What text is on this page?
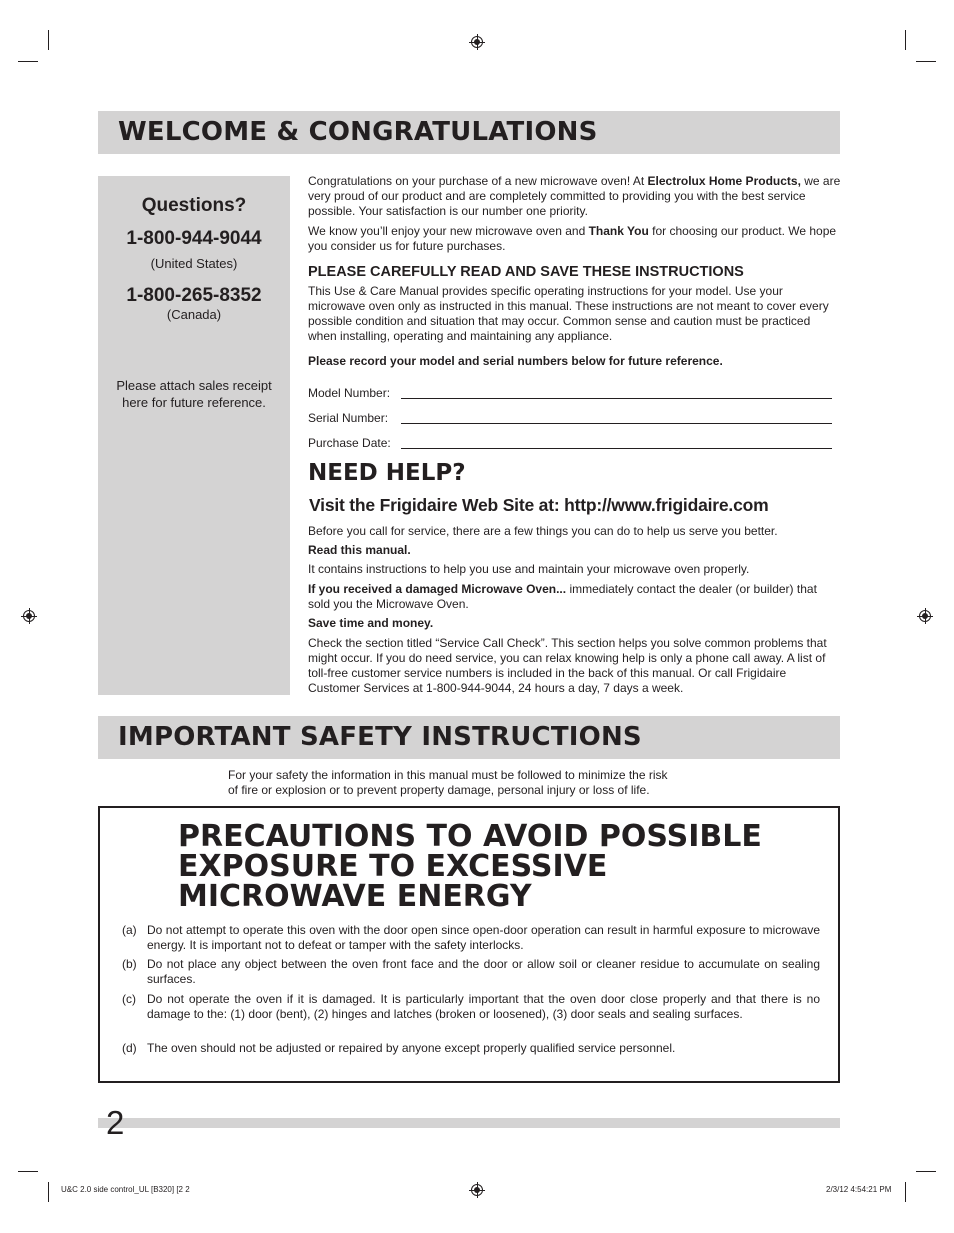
WELCOME & CONGRATULATIONS
Questions?
1-800-944-9044
(United States)
1-800-265-8352
(Canada)
Please attach sales receipt
here for future reference.
Congratulations on your purchase of a new microwave oven! At Electrolux Home Products, we are very proud of our product and are completely committed to providing you with the best service possible. Your satisfaction is our number one priority.
We know you’ll enjoy your new microwave oven and Thank You for choosing our product. We hope you consider us for future purchases.
PLEASE CAREFULLY READ AND SAVE THESE INSTRUCTIONS
This Use & Care Manual provides specific operating instructions for your model. Use your microwave oven only as instructed in this manual. These instructions are not meant to cover every possible condition and situation that may occur. Common sense and caution must be practiced when installing, operating and maintaining any appliance.
Please record your model and serial numbers below for future reference.
Model Number:
Serial Number:
Purchase Date:
NEED HELP?
Visit the Frigidaire Web Site at: http://www.frigidaire.com
Before you call for service, there are a few things you can do to help us serve you better.
Read this manual.
It contains instructions to help you use and maintain your microwave oven properly.
If you received a damaged Microwave Oven... immediately contact the dealer (or builder) that sold you the Microwave Oven.
Save time and money.
Check the section titled “Service Call Check”. This section helps you solve common problems that might occur. If you do need service, you can relax knowing help is only a phone call away. A list of toll-free customer service numbers is included in the back of this manual. Or call Frigidaire Customer Services at 1-800-944-9044, 24 hours a day, 7 days a week.
IMPORTANT SAFETY INSTRUCTIONS
For your safety the information in this manual must be followed to minimize the risk
of fire or explosion or to prevent property damage, personal injury or loss of life.
PRECAUTIONS TO AVOID POSSIBLE
EXPOSURE TO EXCESSIVE
MICROWAVE ENERGY
(a) Do not attempt to operate this oven with the door open since open-door operation can result in harmful exposure to microwave energy. It is important not to defeat or tamper with the safety interlocks.
(b) Do not place any object between the oven front face and the door or allow soil or cleaner residue to accumulate on sealing surfaces.
(c) Do not operate the oven if it is damaged. It is particularly important that the oven door close properly and that there is no damage to the: (1) door (bent), (2) hinges and latches (broken or loosened), (3) door seals and sealing surfaces.
(d) The oven should not be adjusted or repaired by anyone except properly qualified service personnel.
2
U&C 2.0 side control_UL [B320] [2 2	2/3/12 4:54:21 PM
